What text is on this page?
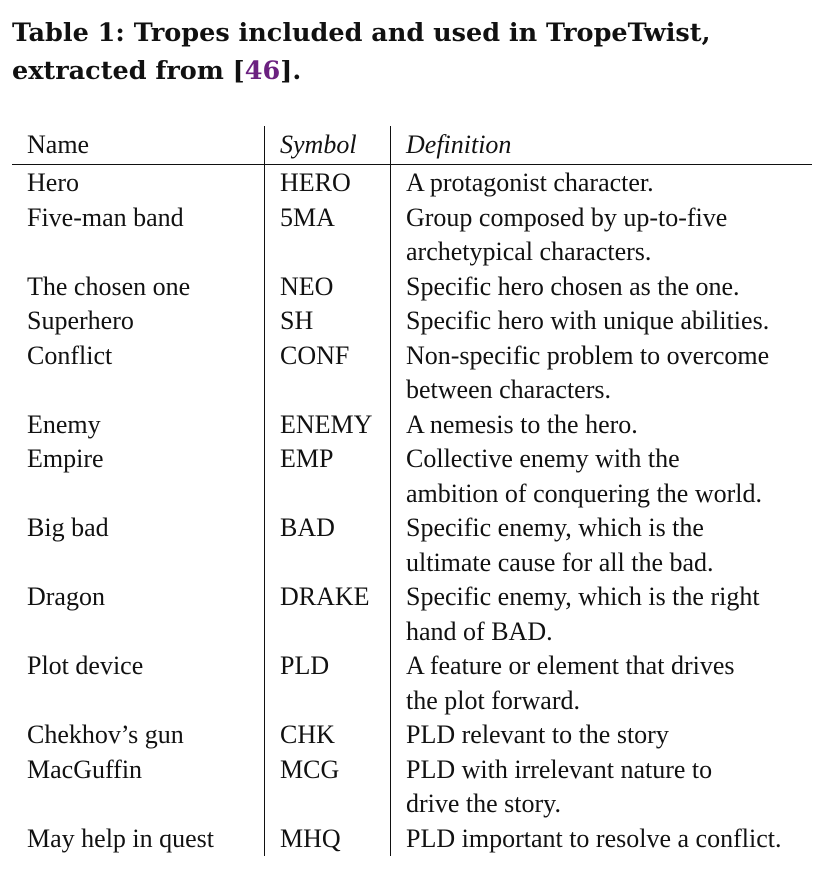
Table 1: Tropes included and used in TropeTwist, extracted from [46].

Name	Symbol	Definition
Hero	HERO	A protagonist character.

Five-man band	5MA	Group composed by up-to-five
archetypical characters.

The chosen one	NEO	Specific hero chosen as the one.

Superhero	SH	Specific hero with unique abilities.

Conflict	CONF	Non-specific problem to overcome
between characters.

Enemy	ENEMY	A nemesis to the hero.

Empire	EMP	Collective enemy with the
ambition of conquering the world.

Big bad	BAD	Specific enemy, which is the
ultimate cause for all the bad.

Dragon	DRAKE	Specific enemy, which is the right
hand of BAD.

Plot device	PLD	A feature or element that drives
the plot forward.

Chekhov’s gun	CHK	PLD relevant to the story

MacGuffin	MCG	PLD with irrelevant nature to
drive the story.

May help in quest	MHQ	PLD important to resolve a conflict.
